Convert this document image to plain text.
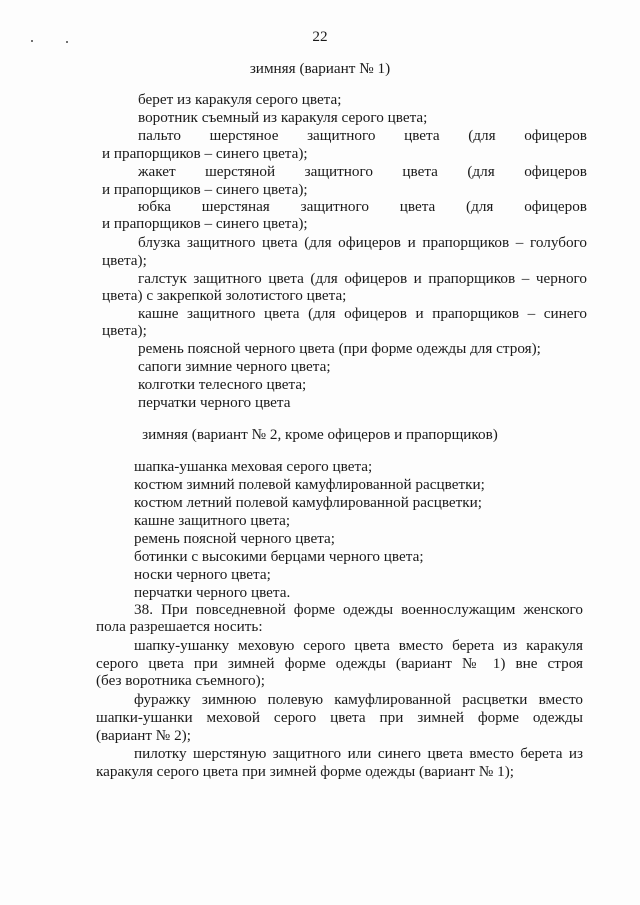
22
зимняя (вариант № 1)
берет из каракуля серого цвета;
воротник съемный из каракуля серого цвета;
пальто шерстяное защитного цвета (для офицеров
и прапорщиков – синего цвета);
жакет шерстяной защитного цвета (для офицеров
и прапорщиков – синего цвета);
юбка шерстяная защитного цвета (для офицеров
и прапорщиков – синего цвета);
блузка защитного цвета (для офицеров и прапорщиков – голубого
цвета);
галстук защитного цвета (для офицеров и прапорщиков – черного
цвета) с закрепкой золотистого цвета;
кашне защитного цвета (для офицеров и прапорщиков – синего
цвета);
ремень поясной черного цвета (при форме одежды для строя);
сапоги зимние черного цвета;
колготки телесного цвета;
перчатки черного цвета
зимняя (вариант № 2, кроме офицеров и прапорщиков)
шапка-ушанка меховая серого цвета;
костюм зимний полевой камуфлированной расцветки;
костюм летний полевой камуфлированной расцветки;
кашне защитного цвета;
ремень поясной черного цвета;
ботинки с высокими берцами черного цвета;
носки черного цвета;
перчатки черного цвета.
38. При повседневной форме одежды военнослужащим женского
пола разрешается носить:
шапку-ушанку меховую серого цвета вместо берета из каракуля
серого цвета при зимней форме одежды (вариант № 1) вне строя
(без воротника съемного);
фуражку зимнюю полевую камуфлированной расцветки вместо
шапки-ушанки меховой серого цвета при зимней форме одежды
(вариант № 2);
пилотку шерстяную защитного или синего цвета вместо берета из
каракуля серого цвета при зимней форме одежды (вариант № 1);
